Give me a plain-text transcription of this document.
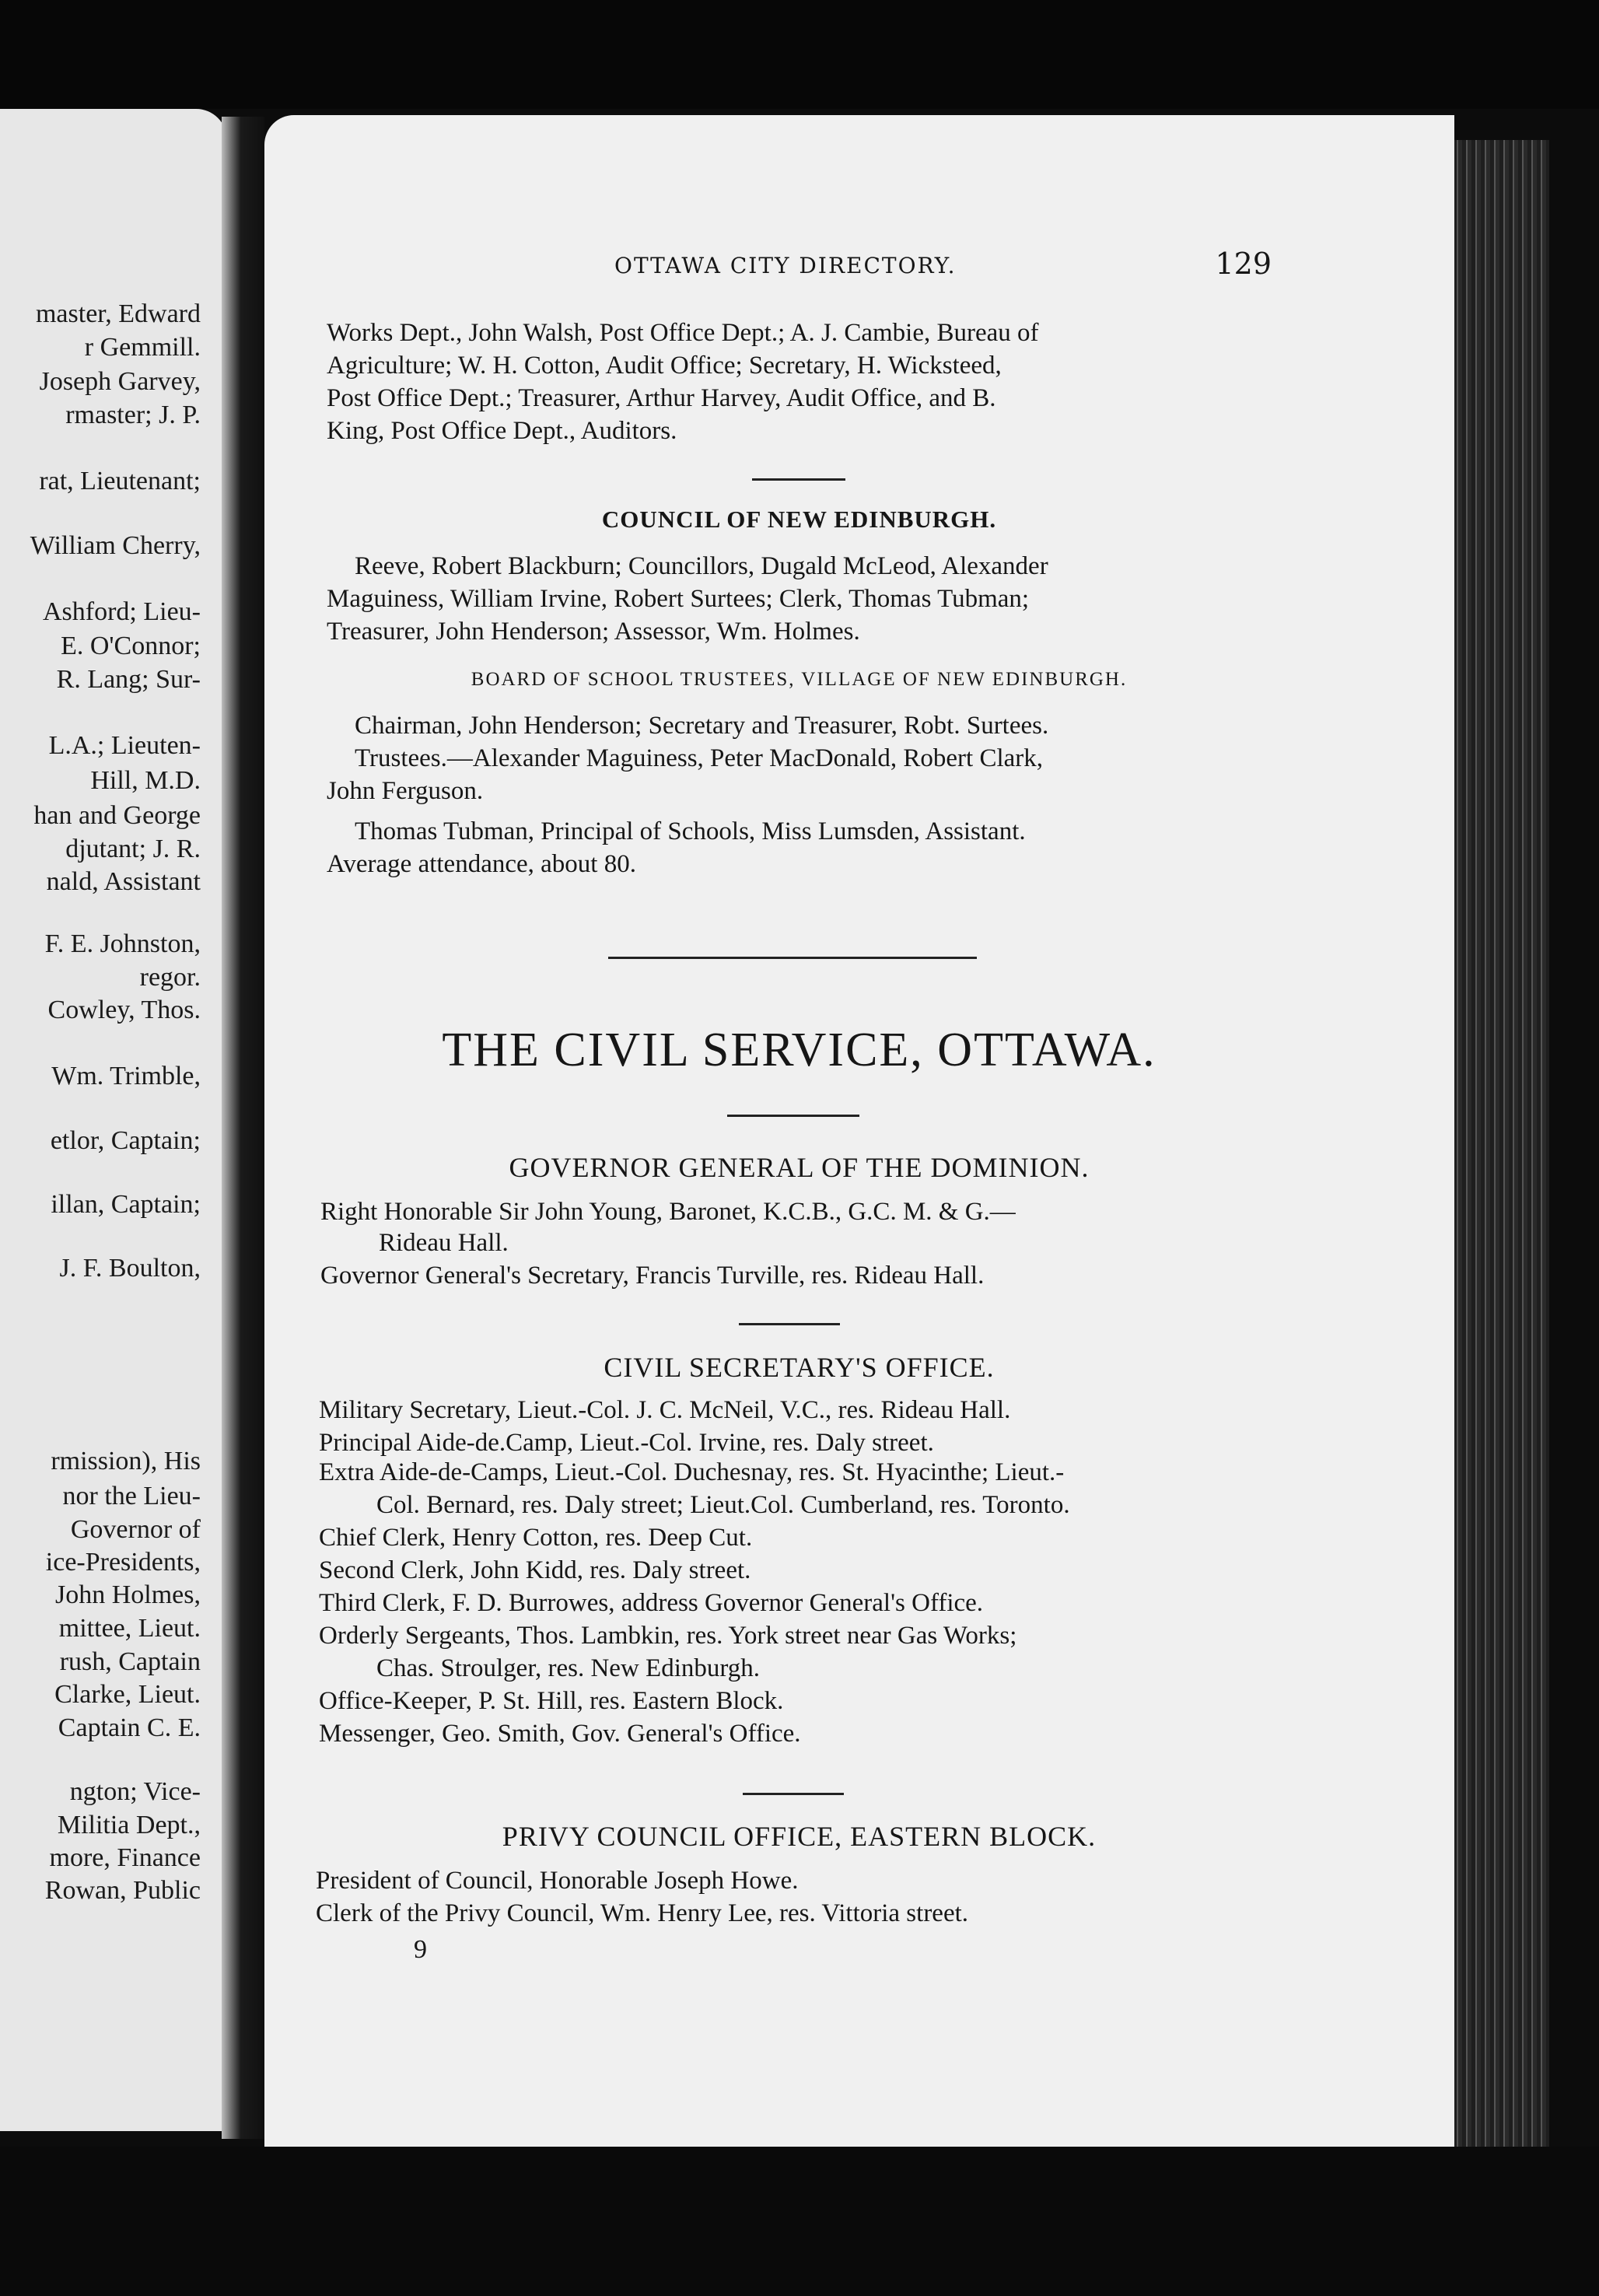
master, Edward
r Gemmill.
Joseph Garvey,
rmaster; J. P.
rat, Lieutenant;
William Cherry,
Ashford; Lieu-
E. O'Connor;
R. Lang; Sur-
L.A.; Lieuten-
Hill, M.D.
han and George
djutant; J. R.
nald, Assistant
F. E. Johnston,
regor.
Cowley, Thos.
Wm. Trimble,
etlor, Captain;
illan, Captain;
J. F. Boulton,
rmission), His
nor the Lieu-
Governor of
ice-Presidents,
John Holmes,
mittee, Lieut.
rush, Captain
Clarke, Lieut.
Captain C. E.
ngton; Vice-
Militia Dept.,
more, Finance
Rowan, Public
OTTAWA CITY DIRECTORY.	129
Works Dept., John Walsh, Post Office Dept.; A. J. Cambie, Bureau of
Agriculture; W. H. Cotton, Audit Office; Secretary, H. Wicksteed,
Post Office Dept.; Treasurer, Arthur Harvey, Audit Office, and B.
King, Post Office Dept., Auditors.
COUNCIL OF NEW EDINBURGH.
Reeve, Robert Blackburn; Councillors, Dugald McLeod, Alexander
Maguiness, William Irvine, Robert Surtees; Clerk, Thomas Tubman;
Treasurer, John Henderson; Assessor, Wm. Holmes.
BOARD OF SCHOOL TRUSTEES, VILLAGE OF NEW EDINBURGH.
Chairman, John Henderson; Secretary and Treasurer, Robt. Surtees.
Trustees.—Alexander Maguiness, Peter MacDonald, Robert Clark,
John Ferguson.
Thomas Tubman, Principal of Schools, Miss Lumsden, Assistant.
Average attendance, about 80.
THE CIVIL SERVICE, OTTAWA.
GOVERNOR GENERAL OF THE DOMINION.
Right Honorable Sir John Young, Baronet, K.C.B., G.C. M. & G.—
Rideau Hall.
Governor General's Secretary, Francis Turville, res. Rideau Hall.
CIVIL SECRETARY'S OFFICE.
Military Secretary, Lieut.-Col. J. C. McNeil, V.C., res. Rideau Hall.
Principal Aide-de.Camp, Lieut.-Col. Irvine, res. Daly street.
Extra Aide-de-Camps, Lieut.-Col. Duchesnay, res. St. Hyacinthe; Lieut.-
Col. Bernard, res. Daly street; Lieut.Col. Cumberland, res. Toronto.
Chief Clerk, Henry Cotton, res. Deep Cut.
Second Clerk, John Kidd, res. Daly street.
Third Clerk, F. D. Burrowes, address Governor General's Office.
Orderly Sergeants, Thos. Lambkin, res. York street near Gas Works;
Chas. Stroulger, res. New Edinburgh.
Office-Keeper, P. St. Hill, res. Eastern Block.
Messenger, Geo. Smith, Gov. General's Office.
PRIVY COUNCIL OFFICE, EASTERN BLOCK.
President of Council, Honorable Joseph Howe.
Clerk of the Privy Council, Wm. Henry Lee, res. Vittoria street.
9
